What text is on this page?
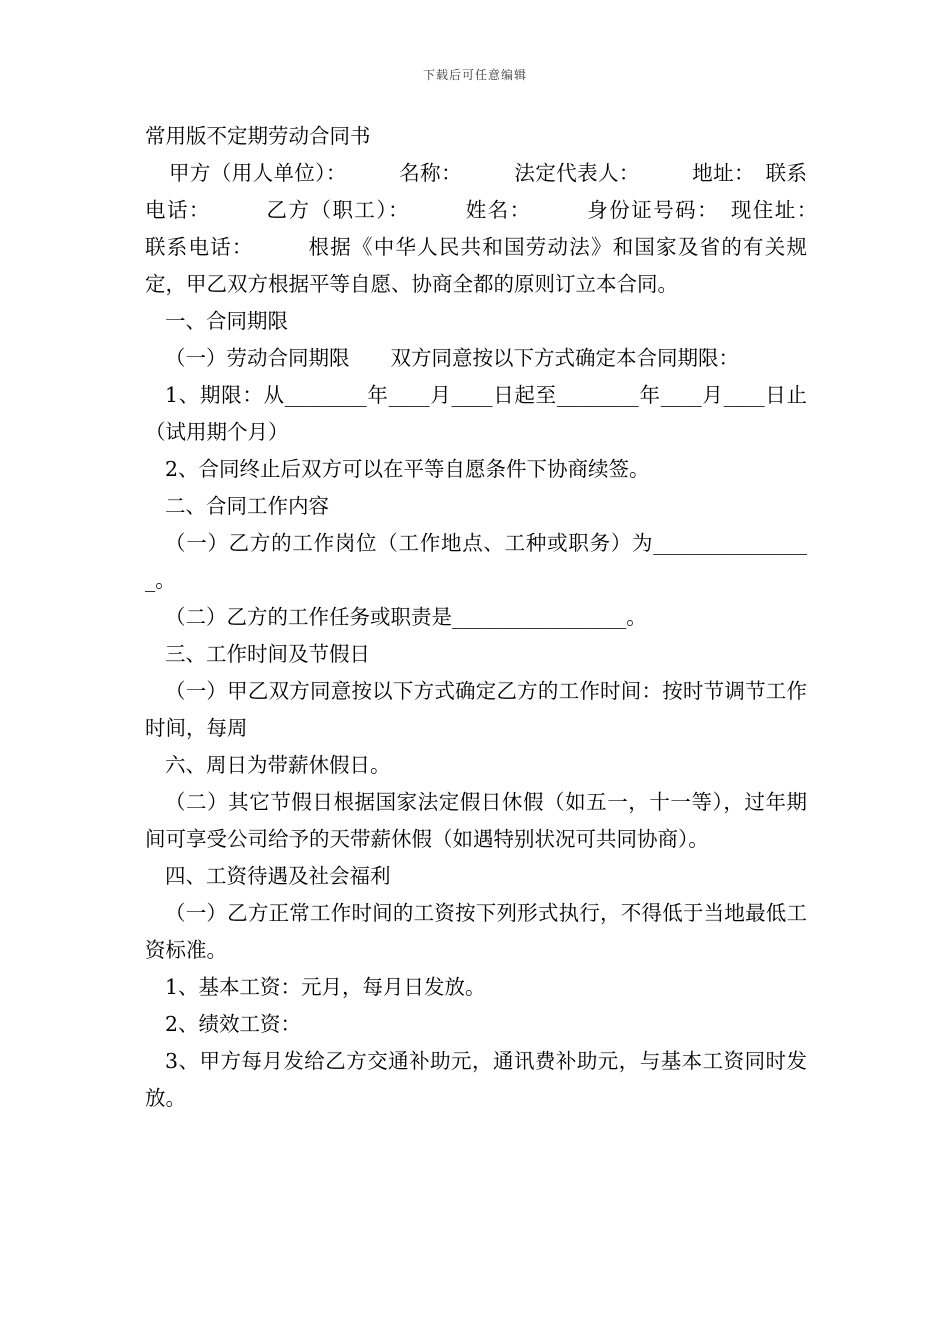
下载后可任意编辑

常用版不定期劳动合同书

甲方（用人单位）：　　　名称：　　　法定代表人：　　　地址：　联系电话：　　　乙方（职工）：　　　姓名：　　　身份证号码：　现住址：　　　联系电话：　　　根据《中华人民共和国劳动法》和国家及省的有关规定，甲乙双方根据平等自愿、协商全都的原则订立本合同。

一、合同期限

（一）劳动合同期限　　双方同意按以下方式确定本合同期限：

1、期限：从________年____月____日起至________年____月____日止（试用期个月）

2、合同终止后双方可以在平等自愿条件下协商续签。

二、合同工作内容

（一）乙方的工作岗位（工作地点、工种或职务）为________________。

（二）乙方的工作任务或职责是_________________。

三、工作时间及节假日

（一）甲乙双方同意按以下方式确定乙方的工作时间：按时节调节工作时间，每周

六、周日为带薪休假日。

（二）其它节假日根据国家法定假日休假（如五一，十一等），过年期间可享受公司给予的天带薪休假（如遇特别状况可共同协商）。

四、工资待遇及社会福利

（一）乙方正常工作时间的工资按下列形式执行，不得低于当地最低工资标准。

1、基本工资：元月，每月日发放。

2、绩效工资：

3、甲方每月发给乙方交通补助元，通讯费补助元，与基本工资同时发放。
